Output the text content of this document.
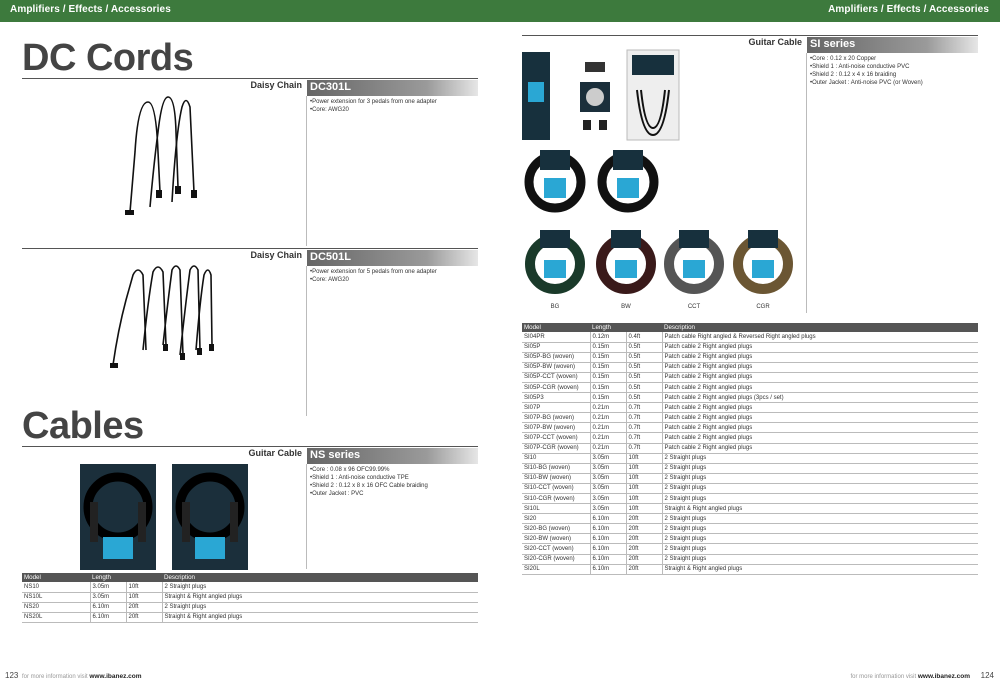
Amplifiers / Effects / Accessories	Amplifiers / Effects / Accessories
DC Cords
Daisy Chain DC301L
•Power extension for 3 pedals from one adapter
•Core: AWG20
Daisy Chain DC501L
•Power extension for 5 pedals from one adapter
•Core: AWG20
Cables
Guitar Cable NS series
•Core : 0.08 x 96 OFC99.99%
•Shield 1 : Anti-noise conductive TPE
•Shield 2 : 0.12 x 8 x 16 OFC Cable braiding
•Outer Jacket : PVC
Model	Length		Description
NS10	3.05m	10ft	2 Straight plugs
NS10L	3.05m	10ft	Straight & Right angled plugs
NS20	6.10m	20ft	2 Straight plugs
NS20L	6.10m	20ft	Straight & Right angled plugs
123 for more information visit www.ibanez.com
Guitar Cable SI series
•Core : 0.12 x 20 Copper
•Shield 1 : Anti-noise conductive PVC
•Shield 2 : 0.12 x 4 x 16 braiding
•Outer Jacket : Anti-noise PVC (or Woven)
BG	BW	CCT	CGR
Model	Length		Description
SI04PR	0.12m	0.4ft	Patch cable Right angled & Reversed Right angled plugs
SI05P	0.15m	0.5ft	Patch cable 2 Right angled plugs
SI05P-BG (woven)	0.15m	0.5ft	Patch cable 2 Right angled plugs
SI05P-BW (woven)	0.15m	0.5ft	Patch cable 2 Right angled plugs
SI05P-CCT (woven)	0.15m	0.5ft	Patch cable 2 Right angled plugs
SI05P-CGR (woven)	0.15m	0.5ft	Patch cable 2 Right angled plugs
SI05P3	0.15m	0.5ft	Patch cable 2 Right angled plugs (3pcs / set)
SI07P	0.21m	0.7ft	Patch cable 2 Right angled plugs
SI07P-BG (woven)	0.21m	0.7ft	Patch cable 2 Right angled plugs
SI07P-BW (woven)	0.21m	0.7ft	Patch cable 2 Right angled plugs
SI07P-CCT (woven)	0.21m	0.7ft	Patch cable 2 Right angled plugs
SI07P-CGR (woven)	0.21m	0.7ft	Patch cable 2 Right angled plugs
SI10	3.05m	10ft	2 Straight plugs
SI10-BG (woven)	3.05m	10ft	2 Straight plugs
SI10-BW (woven)	3.05m	10ft	2 Straight plugs
SI10-CCT (woven)	3.05m	10ft	2 Straight plugs
SI10-CGR (woven)	3.05m	10ft	2 Straight plugs
SI10L	3.05m	10ft	Straight & Right angled plugs
SI20	6.10m	20ft	2 Straight plugs
SI20-BG (woven)	6.10m	20ft	2 Straight plugs
SI20-BW (woven)	6.10m	20ft	2 Straight plugs
SI20-CCT (woven)	6.10m	20ft	2 Straight plugs
SI20-CGR (woven)	6.10m	20ft	2 Straight plugs
SI20L	6.10m	20ft	Straight & Right angled plugs
for more information visit www.ibanez.com 124
